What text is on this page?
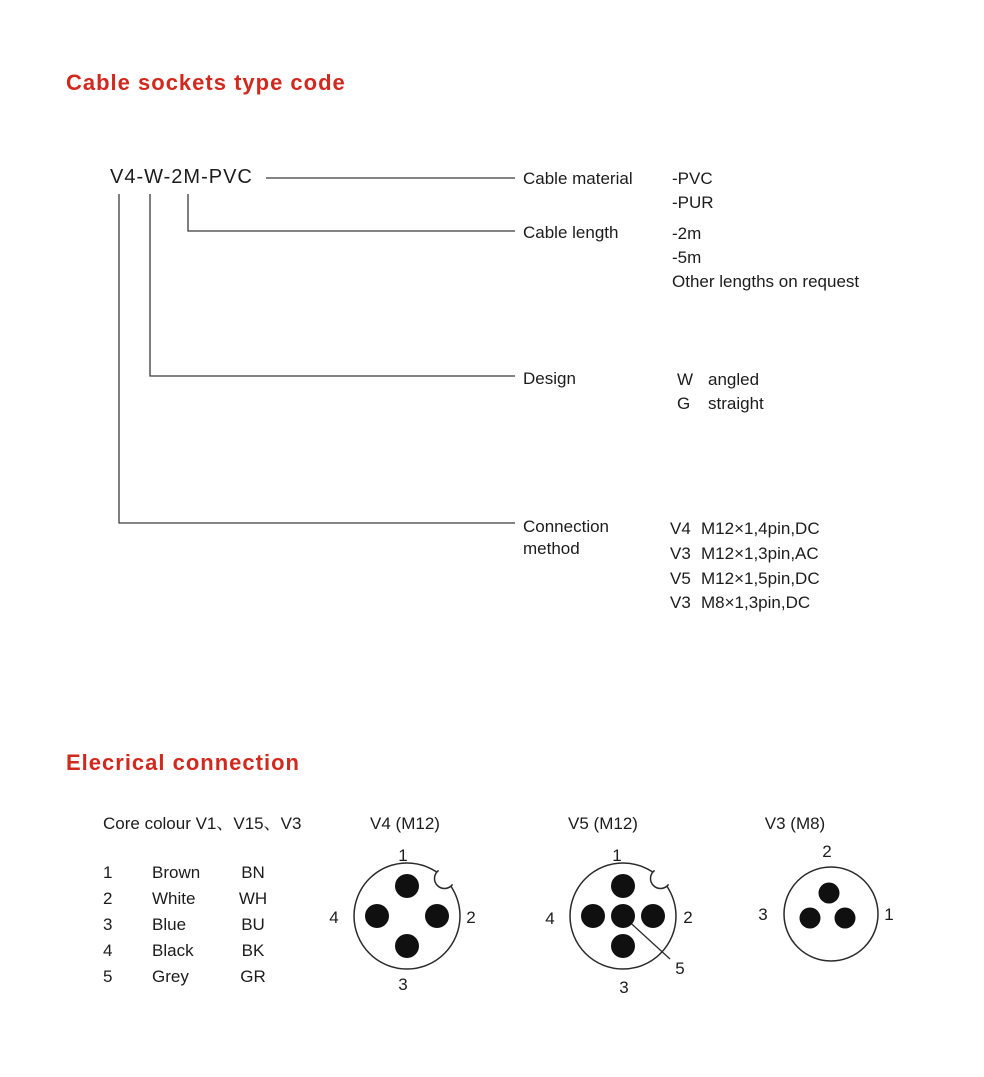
Cable sockets type code
V4-W-2M-PVC	Cable material -PVC
-PUR
Cable length	-2m
-5m
Other lengths on request
Design	W angled
G straight
Connection method
V4 M12×1,4pin,DC
V3 M12×1,3pin,AC
V5 M12×1,5pin,DC
V3 M8×1,3pin,DC
Elecrical connection
Core colour V1、V15、V3
1 Brown BN
2 White	WH
3 Blue	BU
4 Black	BK
5 Grey	GR
V4 (M12)	V5 (M12)	V3 (M8)
1
2
3
4
1
2
3
4
5
2
1
3
